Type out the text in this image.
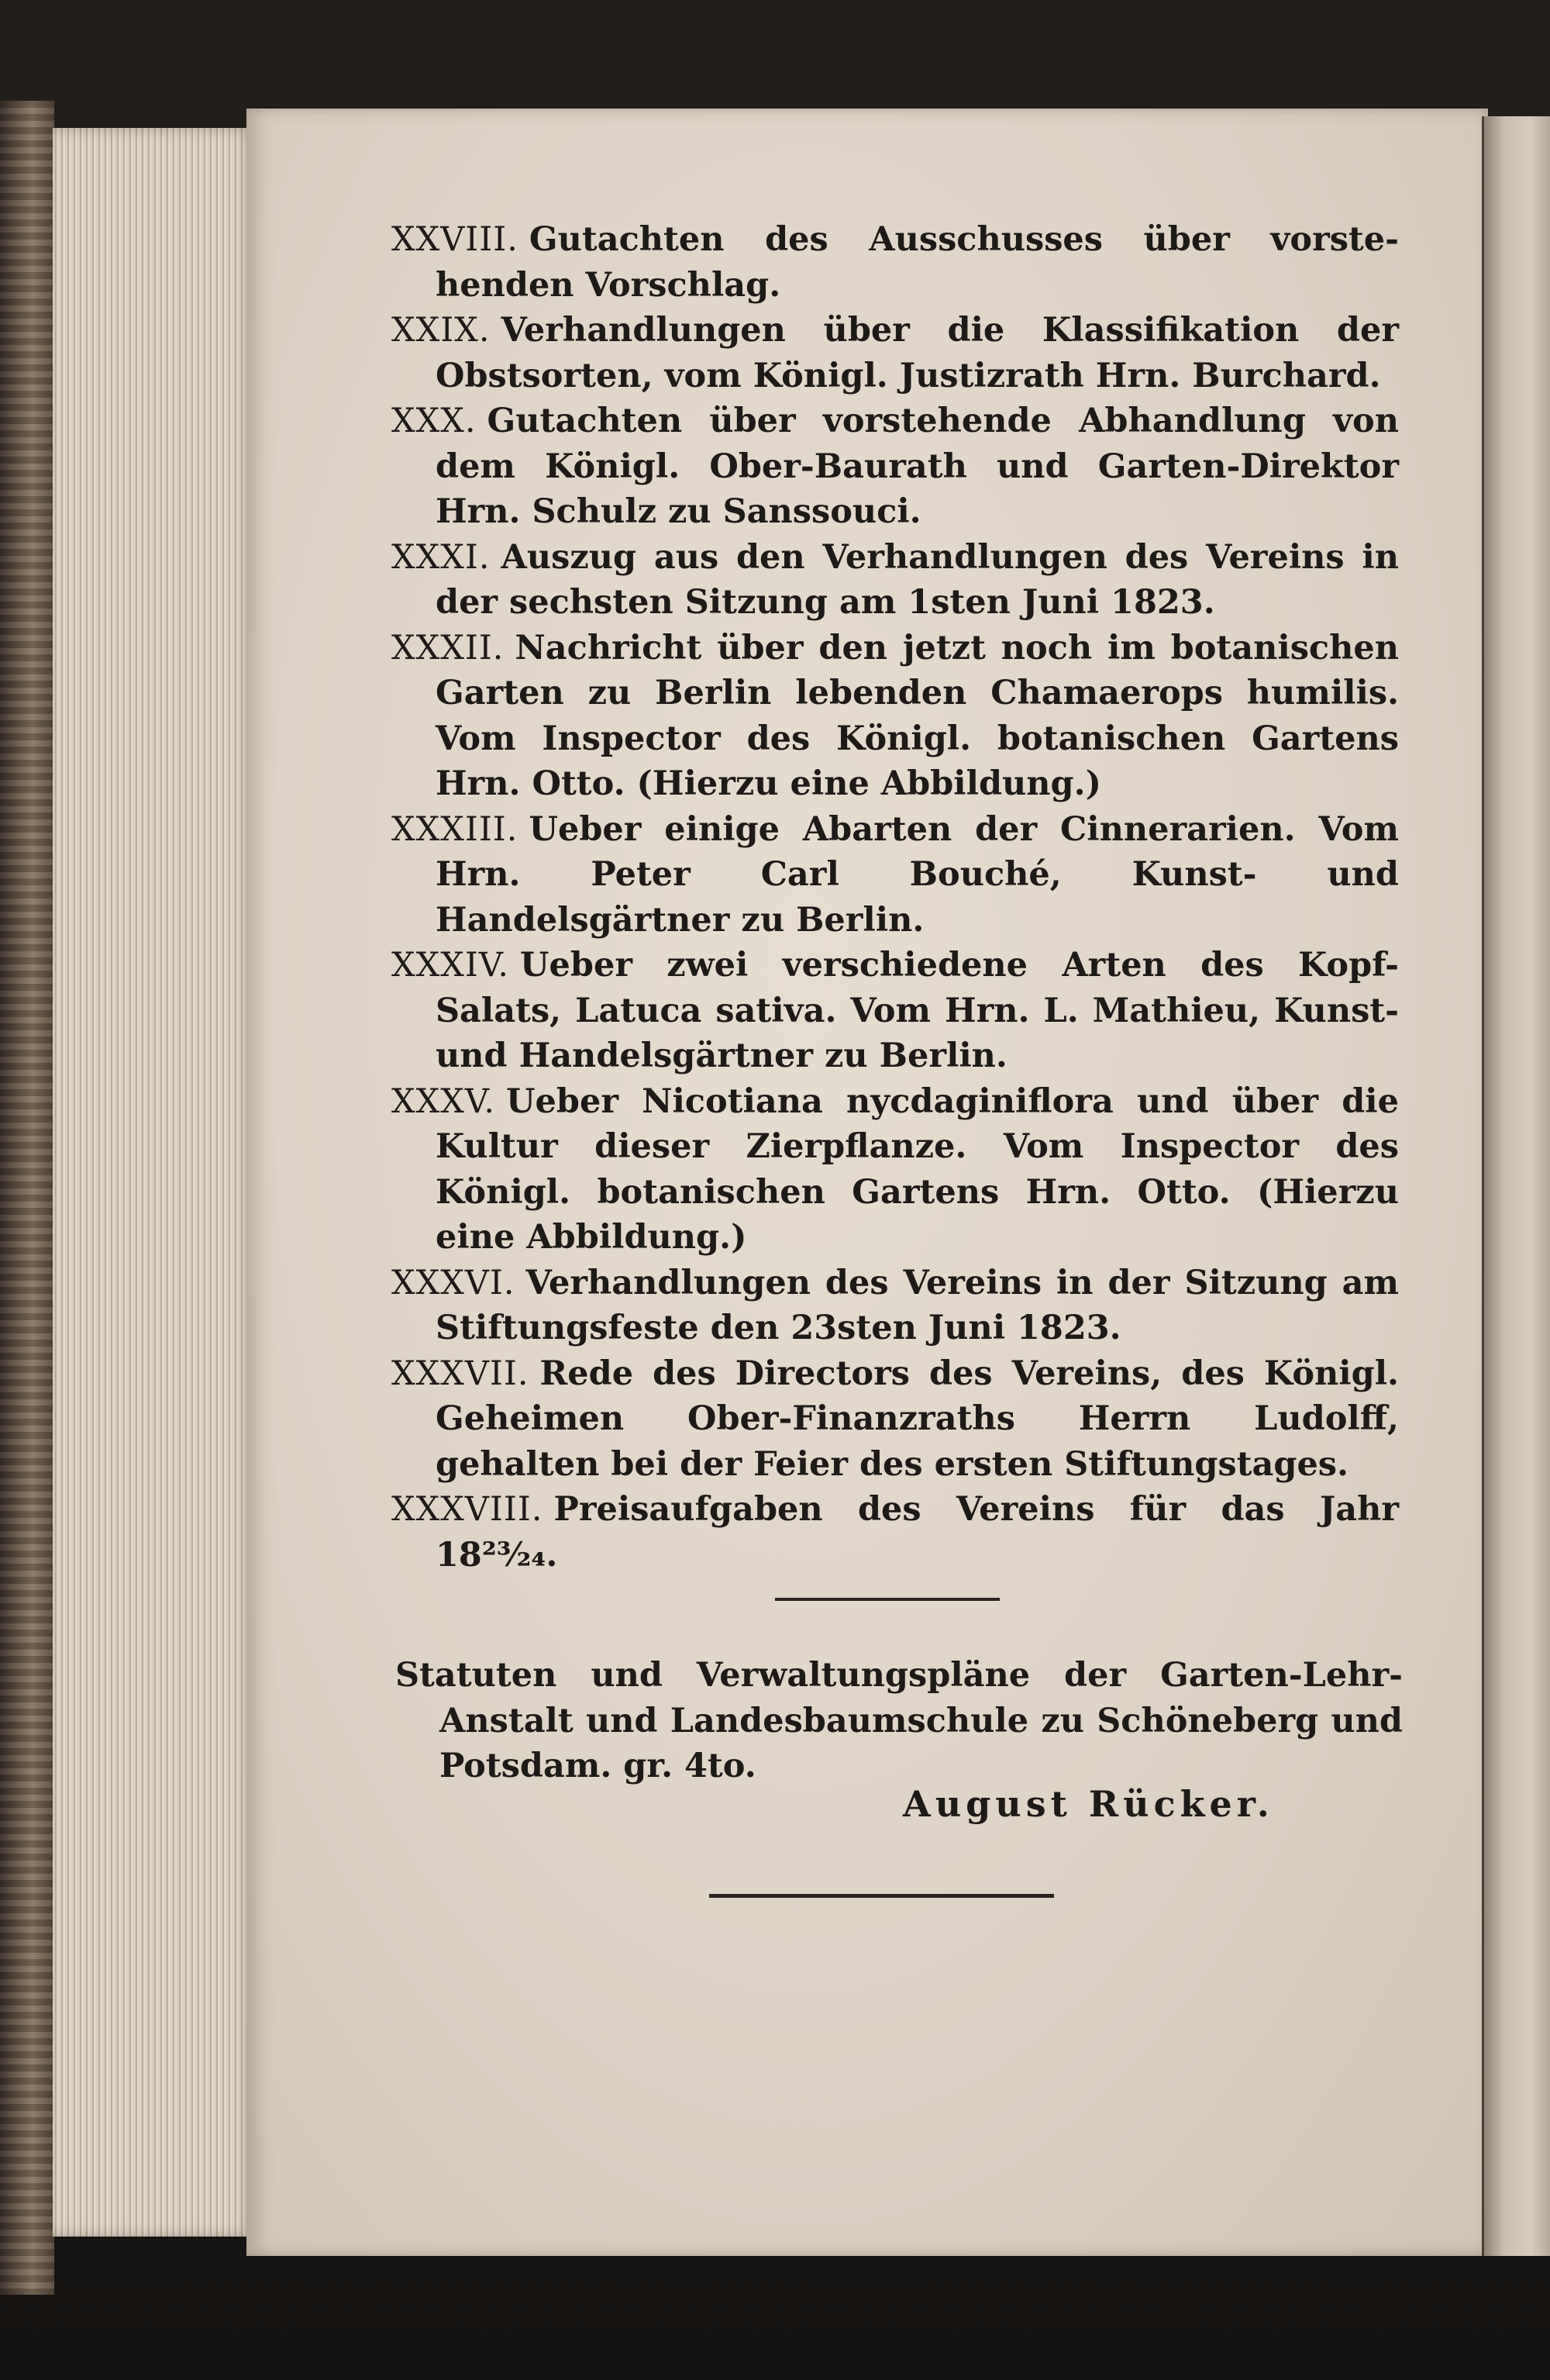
XXVIII. Gutachten des Ausschusses über vorste-henden Vorschlag.

XXIX. Verhandlungen über die Klassifikation der Obstsorten, vom Königl. Justizrath Hrn. Burchard.

XXX. Gutachten über vorstehende Abhandlung von dem Königl. Ober-Baurath und Garten-Direktor Hrn. Schulz zu Sanssouci.

XXXI. Auszug aus den Verhandlungen des Vereins in der sechsten Sitzung am 1sten Juni 1823.

XXXII. Nachricht über den jetzt noch im botanischen Garten zu Berlin lebenden Chamaerops humilis. Vom Inspector des Königl. botanischen Gartens Hrn. Otto. (Hierzu eine Abbildung.)

XXXIII. Ueber einige Abarten der Cinnerarien. Vom Hrn. Peter Carl Bouché, Kunst- und Handelsgärtner zu Berlin.

XXXIV. Ueber zwei verschiedene Arten des Kopf-Salats, Latuca sativa. Vom Hrn. L. Mathieu, Kunst- und Handelsgärtner zu Berlin.

XXXV. Ueber Nicotiana nycdaginiflora und über die Kultur dieser Zierpflanze. Vom Inspector des Königl. botanischen Gartens Hrn. Otto. (Hierzu eine Abbildung.)

XXXVI. Verhandlungen des Vereins in der Sitzung am Stiftungsfeste den 23sten Juni 1823.

XXXVII. Rede des Directors des Vereins, des Königl. Geheimen Ober-Finanzraths Herrn Ludolff, gehalten bei der Feier des ersten Stiftungstages.

XXXVIII. Preisaufgaben des Vereins für das Jahr 18²³⁄₂₄.

Statuten und Verwaltungspläne der Garten-Lehr-Anstalt und Landesbaumschule zu Schöneberg und Potsdam. gr. 4to.

August Rücker.
